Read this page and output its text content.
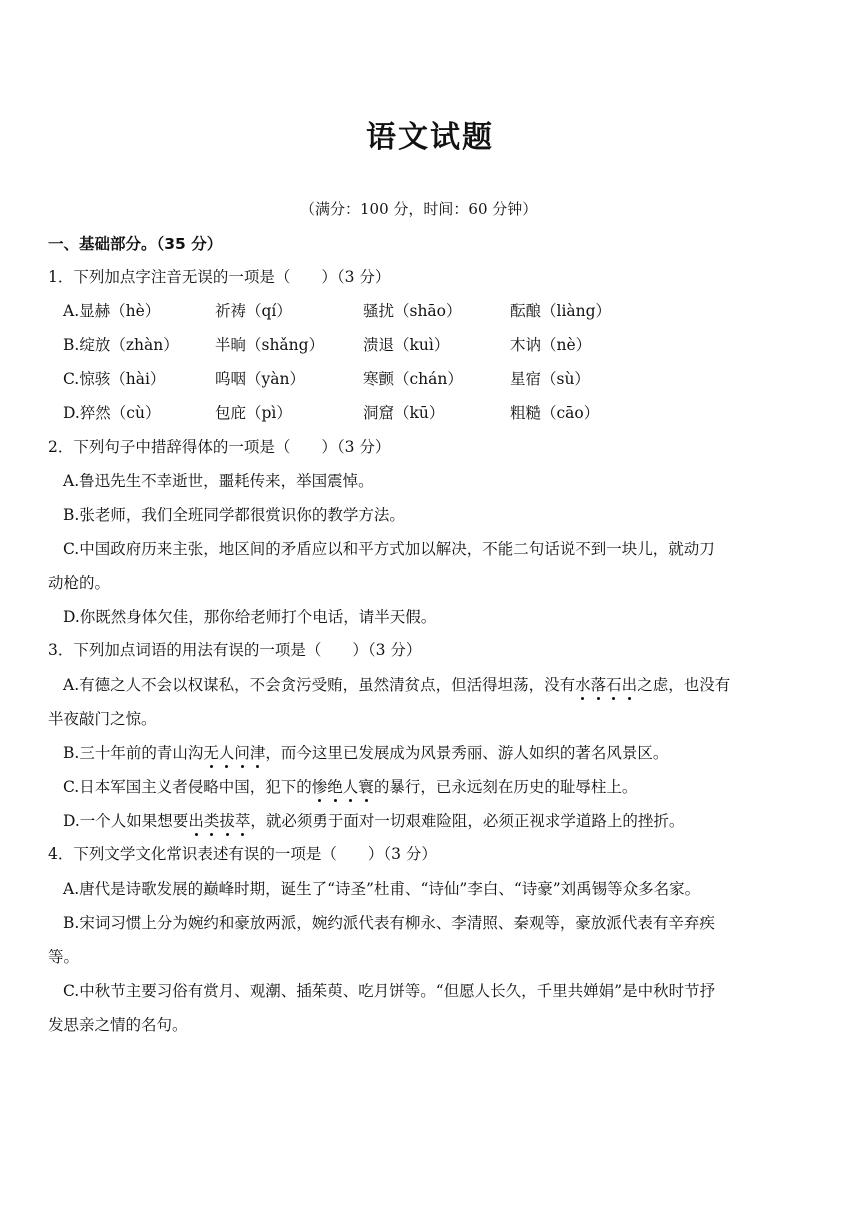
语文试题
（满分：100 分，时间：60 分钟）
一、基础部分。（35 分）
1．下列加点字注音无误的一项是（　　）（3 分）
A.显赫（hè）	祈祷（qí）	骚扰（shāo）	酝酿（liàng）
B.绽放（zhàn） 半晌（shǎng）	溃退（kuì）	木讷（nè）
C.惊骇（hài）	呜咽（yàn）	寒颤（chán）	星宿（sù）
D.猝然（cù）	包庇（pì）	洞窟（kū）	粗糙（cāo）
2．下列句子中措辞得体的一项是（　　）（3 分）
A.鲁迅先生不幸逝世，噩耗传来，举国震悼。
B.张老师，我们全班同学都很赏识你的教学方法。
C.中国政府历来主张，地区间的矛盾应以和平方式加以解决，不能二句话说不到一块儿，就动刀
动枪的。
D.你既然身体欠佳，那你给老师打个电话，请半天假。
3．下列加点词语的用法有误的一项是（　　）（3 分）
A.有德之人不会以权谋私，不会贪污受贿，虽然清贫点，但活得坦荡，没有水落石出之虑，也没有
半夜敲门之惊。
B.三十年前的青山沟无人问津，而今这里已发展成为风景秀丽、游人如织的著名风景区。
C.日本军国主义者侵略中国，犯下的惨绝人寰的暴行，已永远刻在历史的耻辱柱上。
D.一个人如果想要出类拔萃，就必须勇于面对一切艰难险阻，必须正视求学道路上的挫折。
4．下列文学文化常识表述有误的一项是（　　）（3 分）
A.唐代是诗歌发展的巅峰时期，诞生了“诗圣”杜甫、“诗仙”李白、“诗豪”刘禹锡等众多名家。
B.宋词习惯上分为婉约和豪放两派，婉约派代表有柳永、李清照、秦观等，豪放派代表有辛弃疾
等。
C.中秋节主要习俗有赏月、观潮、插茱萸、吃月饼等。“但愿人长久，千里共婵娟”是中秋时节抒
发思亲之情的名句。
